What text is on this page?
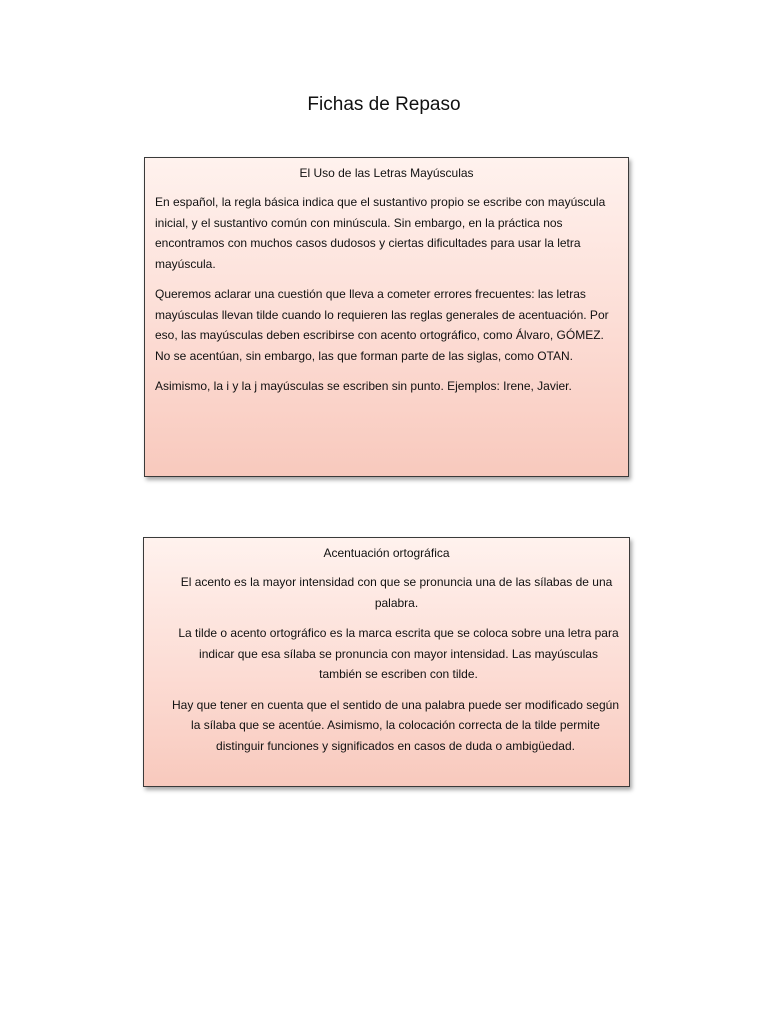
Fichas de Repaso
El Uso de las Letras Mayúsculas

En español, la regla básica indica que el sustantivo propio se escribe con mayúscula inicial, y el sustantivo común con minúscula. Sin embargo, en la práctica nos encontramos con muchos casos dudosos y ciertas dificultades para usar la letra mayúscula.

Queremos aclarar una cuestión que lleva a cometer errores frecuentes: las letras mayúsculas llevan tilde cuando lo requieren las reglas generales de acentuación. Por eso, las mayúsculas deben escribirse con acento ortográfico, como Álvaro, GÓMEZ. No se acentúan, sin embargo, las que forman parte de las siglas, como OTAN.

Asimismo, la i y la j mayúsculas se escriben sin punto. Ejemplos: Irene, Javier.

Acentuación ortográfica

El acento es la mayor intensidad con que se pronuncia una de las sílabas de una palabra.

La tilde o acento ortográfico es la marca escrita que se coloca sobre una letra para indicar que esa sílaba se pronuncia con mayor intensidad. Las mayúsculas también se escriben con tilde.

Hay que tener en cuenta que el sentido de una palabra puede ser modificado según la sílaba que se acentúe. Asimismo, la colocación correcta de la tilde permite distinguir funciones y significados en casos de duda o ambigüedad.
